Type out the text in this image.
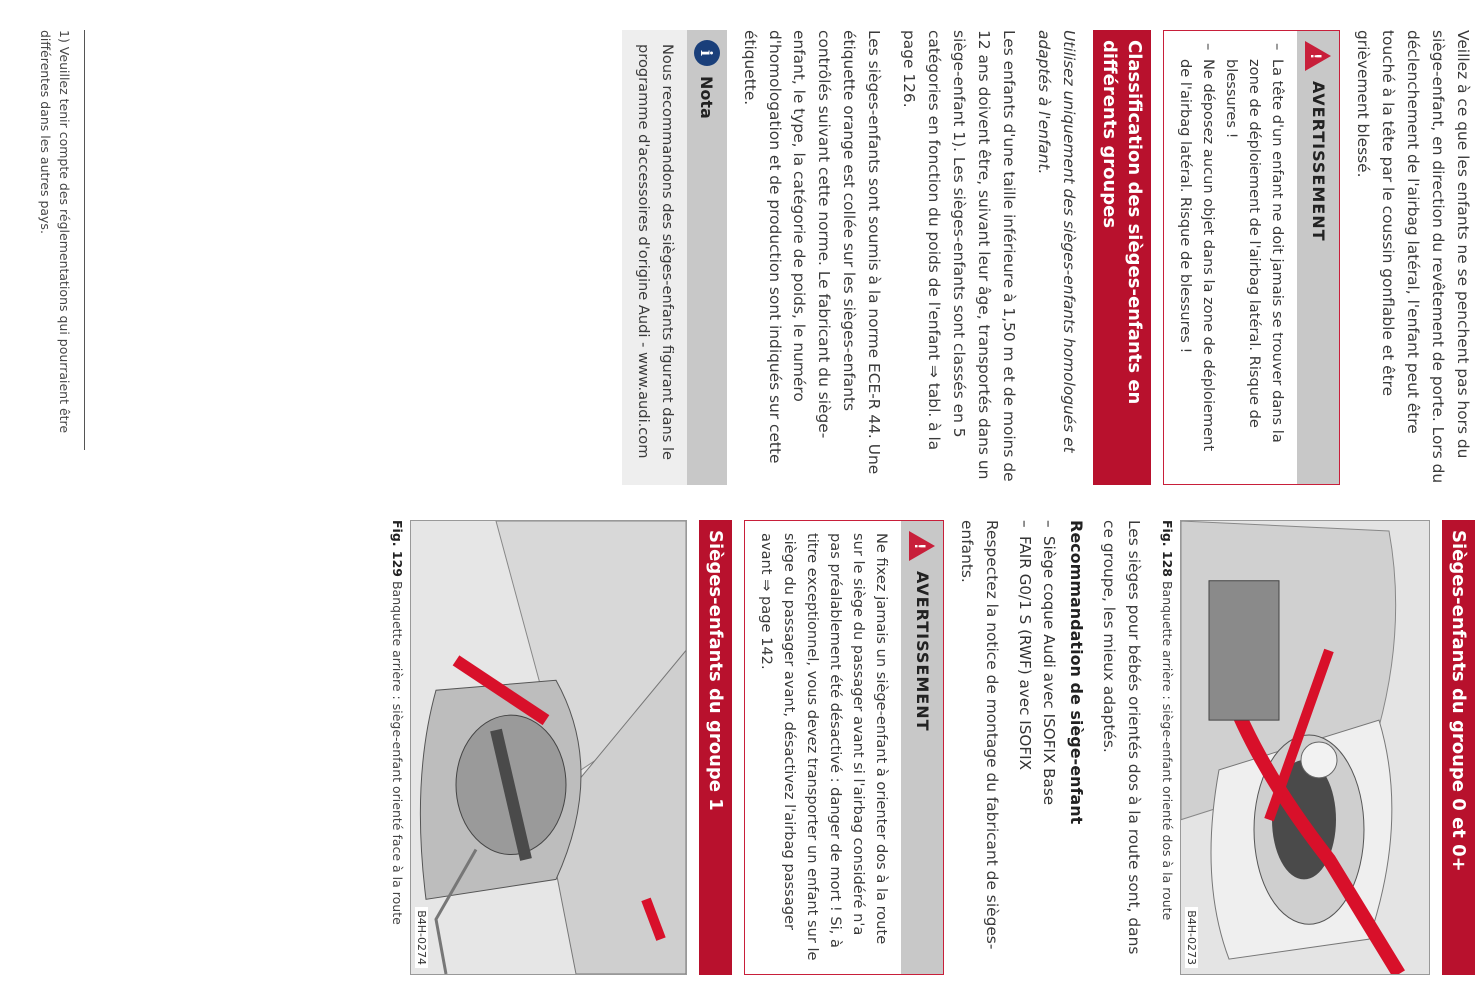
Veillez à ce que les enfants ne se penchent pas hors du siège-enfant, en direction du revêtement de porte. Lors du déclenchement de l'airbag latéral, l'enfant peut être touché à la tête par le coussin gonflable et être grièvement blessé.

!
AVERTISSEMENT
– La tête d'un enfant ne doit jamais se trouver dans la zone de déploiement de l'airbag latéral. Risque de blessures !
– Ne déposez aucun objet dans la zone de déploiement de l'airbag latéral. Risque de blessures !
Classification des sièges-enfants en différents groupes

Utilisez uniquement des sièges-enfants homologués et adaptés à l'enfant.

Les enfants d'une taille inférieure à 1,50 m et de moins de 12 ans doivent être, suivant leur âge, transportés dans un siège-enfant 1). Les sièges-enfants sont classés en 5 catégories en fonction du poids de l'enfant ⇒ tabl. à la page 126.

Les sièges-enfants sont soumis à la norme ECE-R 44. Une étiquette orange est collée sur les sièges-enfants contrôlés suivant cette norme. Le fabricant du siège-enfant, le type, la catégorie de poids, le numéro d'homologation et de production sont indiqués sur cette étiquette.

i
Nota
Nous recommandons des sièges-enfants figurant dans le programme d'accessoires d'origine Audi - www.audi.com
1) Veuillez tenir compte des réglementations qui pourraient être différentes dans les autres pays.
Sièges-enfants du groupe 0 et 0+
B4H-0273

Fig. 128 Banquette arrière : siège-enfant orienté dos à la route

Les sièges pour bébés orientés dos à la route sont, dans ce groupe, les mieux adaptés.

Recommandation de siège-enfant

– Siège coque Audi avec ISOFIX Base
– FAIR G0/1 S (RWF) avec ISOFIX

Respectez la notice de montage du fabricant de sièges-enfants.

!
AVERTISSEMENT
Ne fixez jamais un siège-enfant à orienter dos à la route sur le siège du passager avant si l'airbag considéré n'a pas préalablement été désactivé : danger de mort ! Si, à titre exceptionnel, vous devez transporter un enfant sur le siège du passager avant, désactivez l'airbag passager avant ⇒ page 142.
Sièges-enfants du groupe 1
B4H-0274

Fig. 129 Banquette arrière : siège-enfant orienté face à la route
